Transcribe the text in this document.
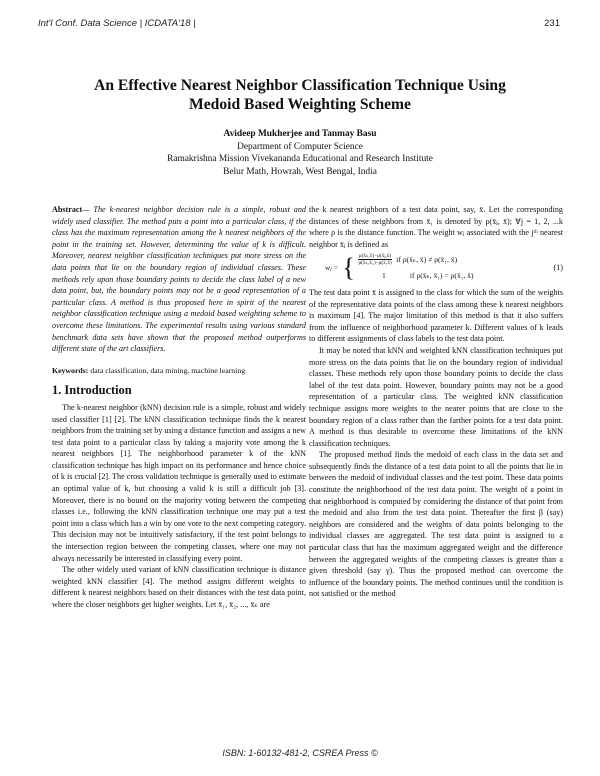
Int'l Conf. Data Science | ICDATA'18 |	231
An Effective Nearest Neighbor Classification Technique Using
Medoid Based Weighting Scheme
Avideep Mukherjee and Tanmay Basu
Department of Computer Science
Ramakrishna Mission Vivekananda Educational and Research Institute
Belur Math, Howrah, West Bengal, India

Abstract— The k-nearest neighbor decision rule is a simple, robust and widely used classifier. The method puts a point into a particular class, if the class has the maximum representation among the k nearest neighbors of the point in the training set. However, determining the value of k is difficult. Moreover, nearest neighbor classification techniques put more stress on the data points that lie on the boundary region of individual classes. These methods rely upon those boundary points to decide the class label of a new data point, but, the boundary points may not be a good representation of a particular class. A method is thus proposed here in spirit of the nearest neighbor classification technique using a medoid based weighting scheme to overcome these limitations. The experimental results using various standard benchmark data sets have shown that the proposed method outperforms different state of the art classifiers.

Keywords: data classification, data mining, machine learning

1. Introduction

The k-nearest neighbor (kNN) decision rule is a simple, robust and widely used classifier [1] [2]. The kNN classification technique finds the k nearest neighbors from the training set by using a distance function and assigns a new test data point to a particular class by taking a majority vote among the k nearest neighbors [1]. The neighborhood parameter k of the kNN classification technique has high impact on its performance and hence choice of k is crucial [2]. The cross validation technique is generally used to estimate an optimal value of k, but choosing a valid k is still a difficult job [3]. Moreover, there is no bound on the majority voting between the competing classes i.e., following the kNN classification technique one may put a test point into a class which has a win by one vote to the next competing category. This decision may not be intuitively satisfactory, if the test point belongs to the intersection region between the competing classes, where one may not always necessarily be interested in classifying every point.

The other widely used variant of kNN classification technique is distance weighted kNN classifier [4]. The method assigns different weights to different k nearest neighbors based on their distances with the test data point, where the closer neighbors get higher weights. Let x̄₁, x̄₂, ..., x̄ₖ are

the k nearest neighbors of a test data point, say, x̄. Let the corresponding distances of these neighbors from x̄₁ is denoted by ρ(x̄ⱼ, x̄); ∀j = 1, 2, ...k where ρ is the distance function. The weight wⱼ associated with the jᵗʰ nearest neighbor x̄ⱼ is defined as

wⱼ = { $\frac{\text{ρ(x̄ₖ,x̄)−ρ(x̄ⱼ,x̄)}}{\text{ρ(x̄ₖ,x̄₁)−ρ(x̄,x̄)}}$ if ρ(x̄ₖ, x̄) ≠ ρ(x̄₁, x̄)
1	if ρ(x̄ₖ, x̄₁) = ρ(x̄₁, x̄)
(1)

The test data point x̄ is assigned to the class for which the sum of the weights of the representative data points of the class among these k nearest neighbors is maximum [4]. The major limitation of this method is that it also suffers from the influence of neighborhood parameter k. Different values of k leads to different assignments of class labels to the test data point.

It may be noted that kNN and weighted kNN classification techniques put more stress on the data points that lie on the boundary region of individual classes. These methods rely upon those boundary points to decide the class label of the test data point. However, boundary points may not be a good representation of a particular class. The weighted kNN classification technique assigns more weights to the nearer points that are close to the boundary region of a class rather than the farther points for a test data point. A method is thus desirable to overcome these limitations of the kNN classification techniques.

The proposed method finds the medoid of each class in the data set and subsequently finds the distance of a test data point to all the points that lie in between the medoid of individual classes and the test point. These data points constitute the neighborhood of the test data point. The weight of a point in that neighborhood is computed by considering the distance of that point from the medoid and also from the test data point. Thereafter the first β (say) neighbors are considered and the weights of data points belonging to the individual classes are aggregated. The test data point is assigned to a particular class that has the maximum aggregated weight and the difference between the aggregated weights of the competing classes is greater than a given threshold (say γ). Thus the proposed method can overcome the influence of the boundary points. The method continues until the condition is not satisfied or the method

ISBN: 1-60132-481-2, CSREA Press ©
